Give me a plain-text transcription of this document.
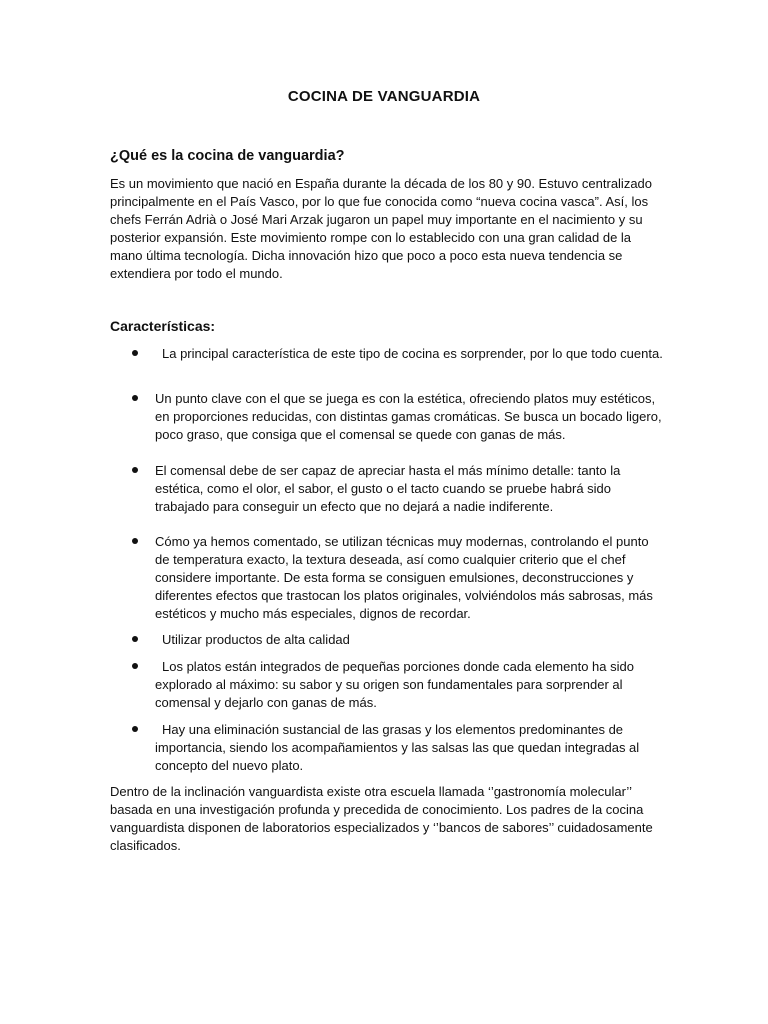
COCINA DE VANGUARDIA
¿Qué es la cocina de vanguardia?

Es un movimiento que nació en España durante la década de los 80 y 90. Estuvo centralizado principalmente en el País Vasco, por lo que fue conocida como “nueva cocina vasca”. Así, los chefs Ferrán Adrià o José Mari Arzak jugaron un papel muy importante en el nacimiento y su posterior expansión. Este movimiento rompe con lo establecido con una gran calidad de la mano última tecnología. Dicha innovación hizo que poco a poco esta nueva tendencia se extendiera por todo el mundo.

Características:

La principal característica de este tipo de cocina es sorprender, por lo que todo cuenta.

Un punto clave con el que se juega es con la estética, ofreciendo platos muy estéticos, en proporciones reducidas, con distintas gamas cromáticas. Se busca un bocado ligero, poco graso, que consiga que el comensal se quede con ganas de más.

El comensal debe de ser capaz de apreciar hasta el más mínimo detalle: tanto la estética, como el olor, el sabor, el gusto o el tacto cuando se pruebe habrá sido trabajado para conseguir un efecto que no dejará a nadie indiferente.

Cómo ya hemos comentado, se utilizan técnicas muy modernas, controlando el punto de temperatura exacto, la textura deseada, así como cualquier criterio que el chef considere importante. De esta forma se consiguen emulsiones, deconstrucciones y diferentes efectos que trastocan los platos originales, volviéndolos más sabrosas, más estéticos y mucho más especiales, dignos de recordar.

Utilizar productos de alta calidad

Los platos están integrados de pequeñas porciones donde cada elemento ha sido explorado al máximo: su sabor y su origen son fundamentales para sorprender al comensal y dejarlo con ganas de más.

Hay una eliminación sustancial de las grasas y los elementos predominantes de importancia, siendo los acompañamientos y las salsas las que quedan integradas al concepto del nuevo plato.

Dentro de la inclinación vanguardista existe otra escuela llamada ‘’gastronomía molecular’’ basada en una investigación profunda y precedida de conocimiento. Los padres de la cocina vanguardista disponen de laboratorios especializados y ‘’bancos de sabores’’ cuidadosamente clasificados.
